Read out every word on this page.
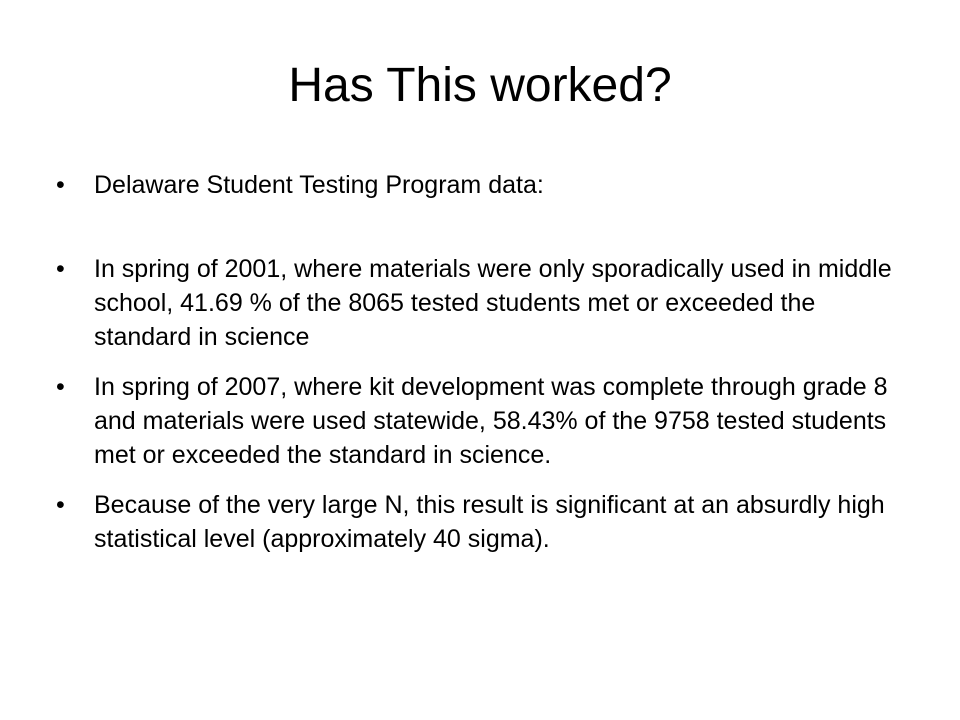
Has This worked?
•	Delaware Student Testing Program data:
•	In spring of 2001, where materials were only sporadically used in middle school, 41.69 % of the 8065 tested students met or exceeded the standard in science
•	In spring of 2007, where kit development was complete through grade 8 and materials were used statewide, 58.43% of the 9758 tested students met or exceeded the standard in science.
•	Because of the very large N, this result is significant at an absurdly high statistical level (approximately 40 sigma).
